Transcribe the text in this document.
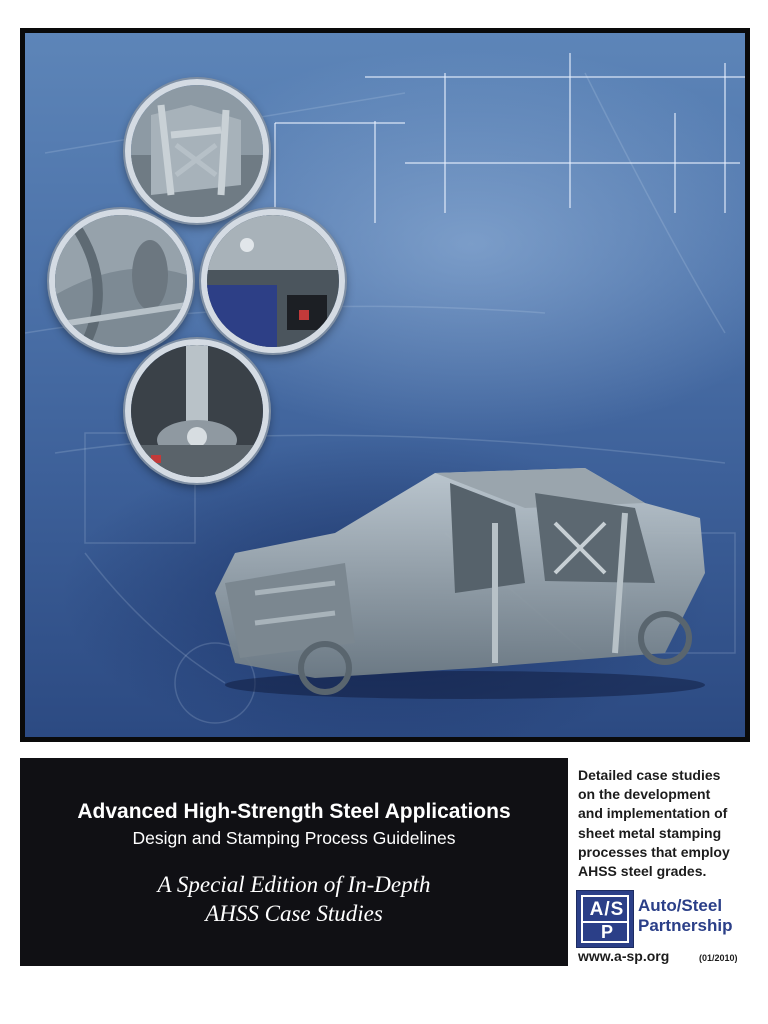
Advanced High-Strength Steel Applications
Design and Stamping Process Guidelines
A Special Edition of In-Depth
AHSS Case Studies
Detailed case studies
on the development
and implementation of
sheet metal stamping
processes that employ
AHSS steel grades.
A/S
P
Auto/Steel
Partnership
www.a-sp.org	(01/2010)
